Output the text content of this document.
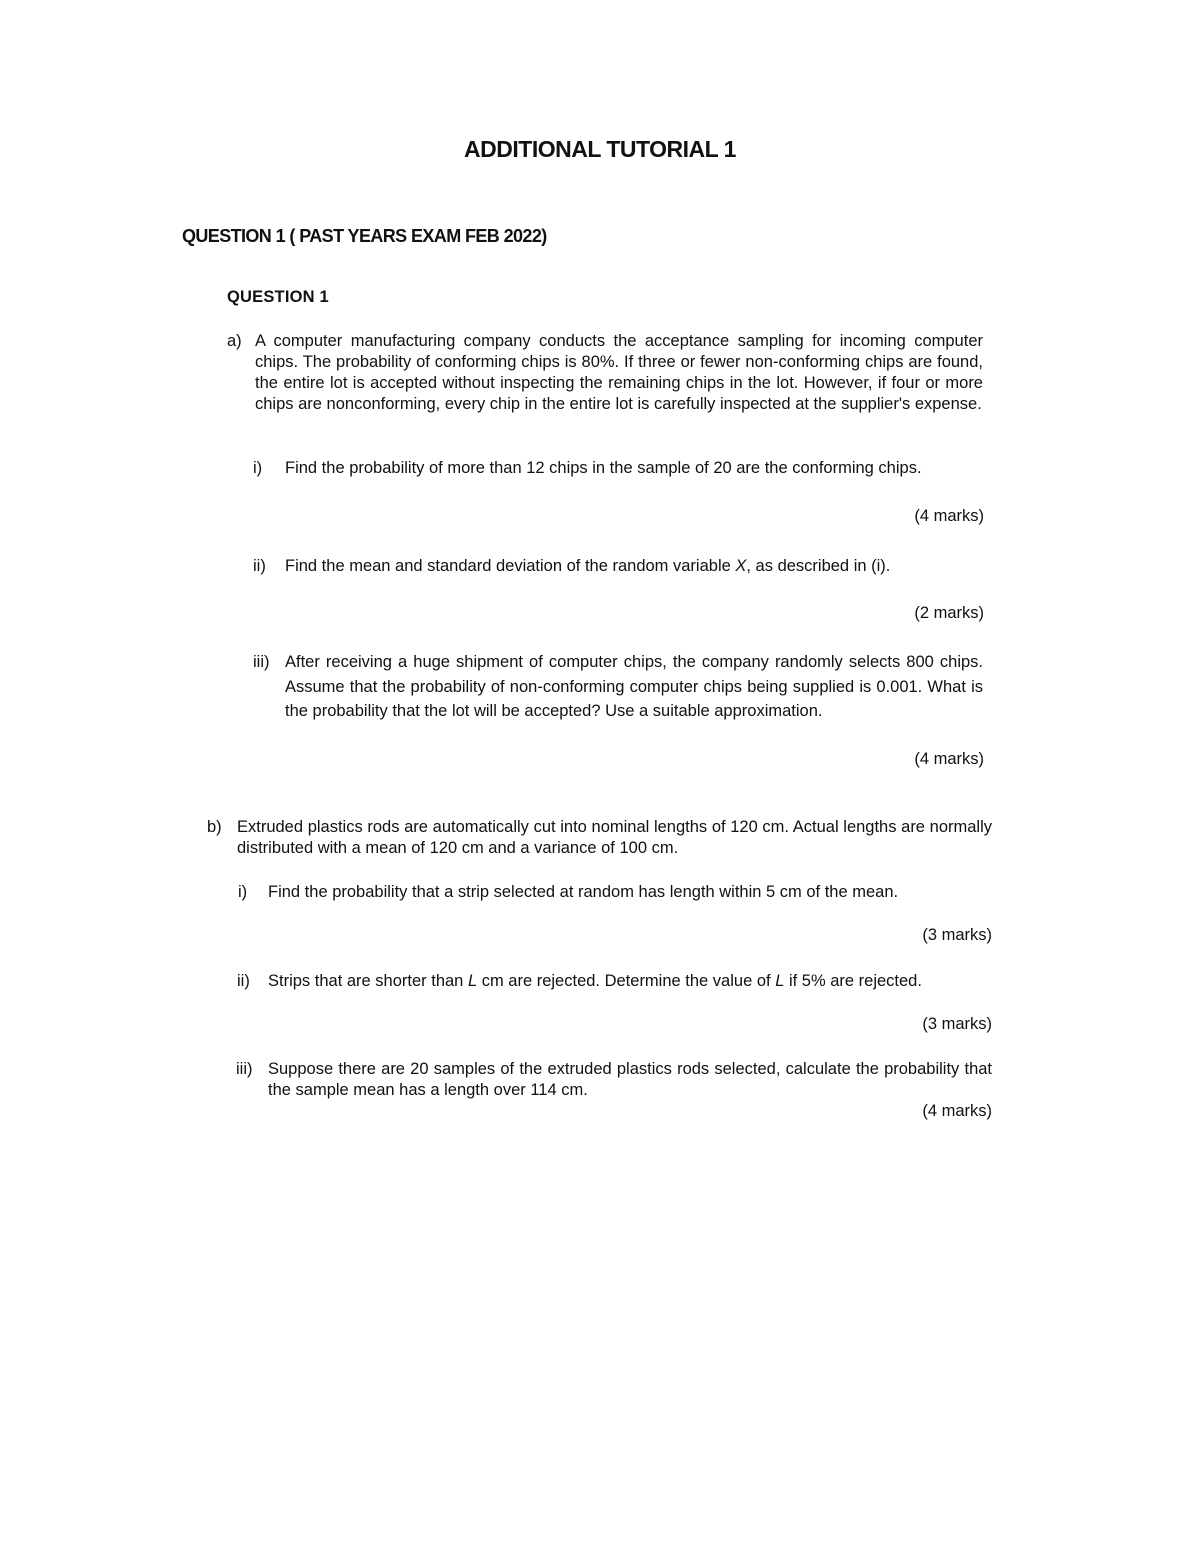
ADDITIONAL TUTORIAL 1
QUESTION 1 ( PAST YEARS EXAM FEB 2022)
QUESTION 1
a) A computer manufacturing company conducts the acceptance sampling for incoming computer chips. The probability of conforming chips is 80%. If three or fewer non-conforming chips are found, the entire lot is accepted without inspecting the remaining chips in the lot. However, if four or more chips are nonconforming, every chip in the entire lot is carefully inspected at the supplier's expense.

i) Find the probability of more than 12 chips in the sample of 20 are the conforming chips.

(4 marks)
ii) Find the mean and standard deviation of the random variable X, as described in (i).

(2 marks)
iii) After receiving a huge shipment of computer chips, the company randomly selects 800 chips. Assume that the probability of non-conforming computer chips being supplied is 0.001. What is the probability that the lot will be accepted? Use a suitable approximation.

(4 marks)
b) Extruded plastics rods are automatically cut into nominal lengths of 120 cm. Actual lengths are normally distributed with a mean of 120 cm and a variance of 100 cm.

i) Find the probability that a strip selected at random has length within 5 cm of the mean.

(3 marks)
ii) Strips that are shorter than L cm are rejected. Determine the value of L if 5% are rejected.

(3 marks)
iii) Suppose there are 20 samples of the extruded plastics rods selected, calculate the probability that the sample mean has a length over 114 cm.

(4 marks)
